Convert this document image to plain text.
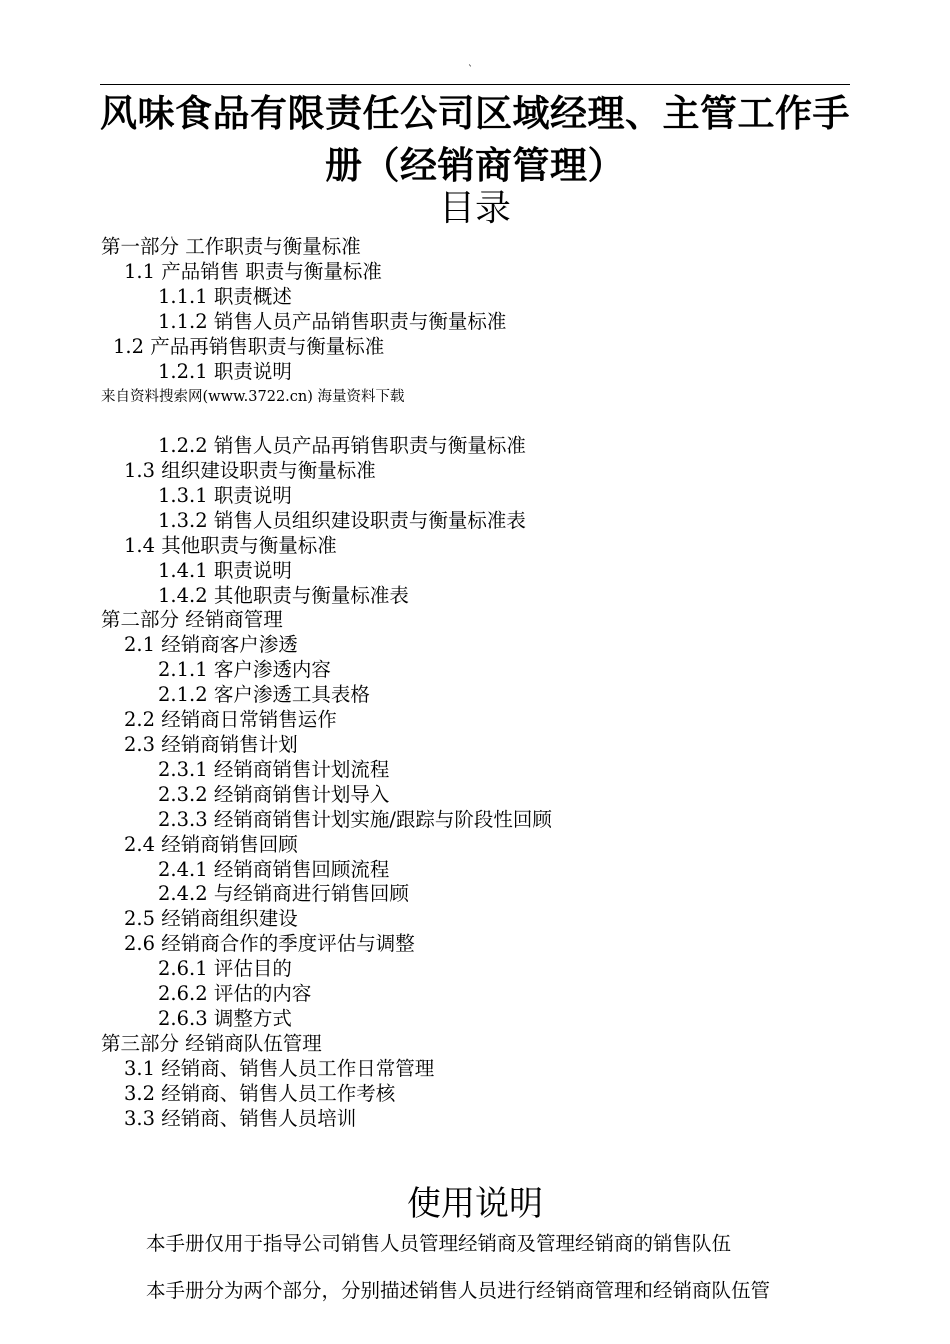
`
风味食品有限责任公司区域经理、主管工作手册（经销商管理）
目录
第一部分 工作职责与衡量标准
1.1 产品销售 职责与衡量标准
1.1.1 职责概述
1.1.2 销售人员产品销售职责与衡量标准
1.2 产品再销售职责与衡量标准
1.2.1 职责说明
1.2.2 销售人员产品再销售职责与衡量标准
1.3 组织建设职责与衡量标准
1.3.1 职责说明
1.3.2 销售人员组织建设职责与衡量标准表
1.4 其他职责与衡量标准
1.4.1 职责说明
1.4.2 其他职责与衡量标准表
第二部分 经销商管理
2.1 经销商客户渗透
2.1.1 客户渗透内容
2.1.2 客户渗透工具表格
2.2 经销商日常销售运作
2.3 经销商销售计划
2.3.1 经销商销售计划流程
2.3.2 经销商销售计划导入
2.3.3 经销商销售计划实施/跟踪与阶段性回顾
2.4 经销商销售回顾
2.4.1 经销商销售回顾流程
2.4.2 与经销商进行销售回顾
2.5 经销商组织建设
2.6 经销商合作的季度评估与调整
2.6.1 评估目的
2.6.2 评估的内容
2.6.3 调整方式
第三部分 经销商队伍管理
3.1 经销商、销售人员工作日常管理
3.2 经销商、销售人员工作考核
3.3 经销商、销售人员培训
来自资料搜索网(www.3722.cn) 海量资料下载
使用说明

本手册仅用于指导公司销售人员管理经销商及管理经销商的销售队伍

本手册分为两个部分，分别描述销售人员进行经销商管理和经销商队伍管
